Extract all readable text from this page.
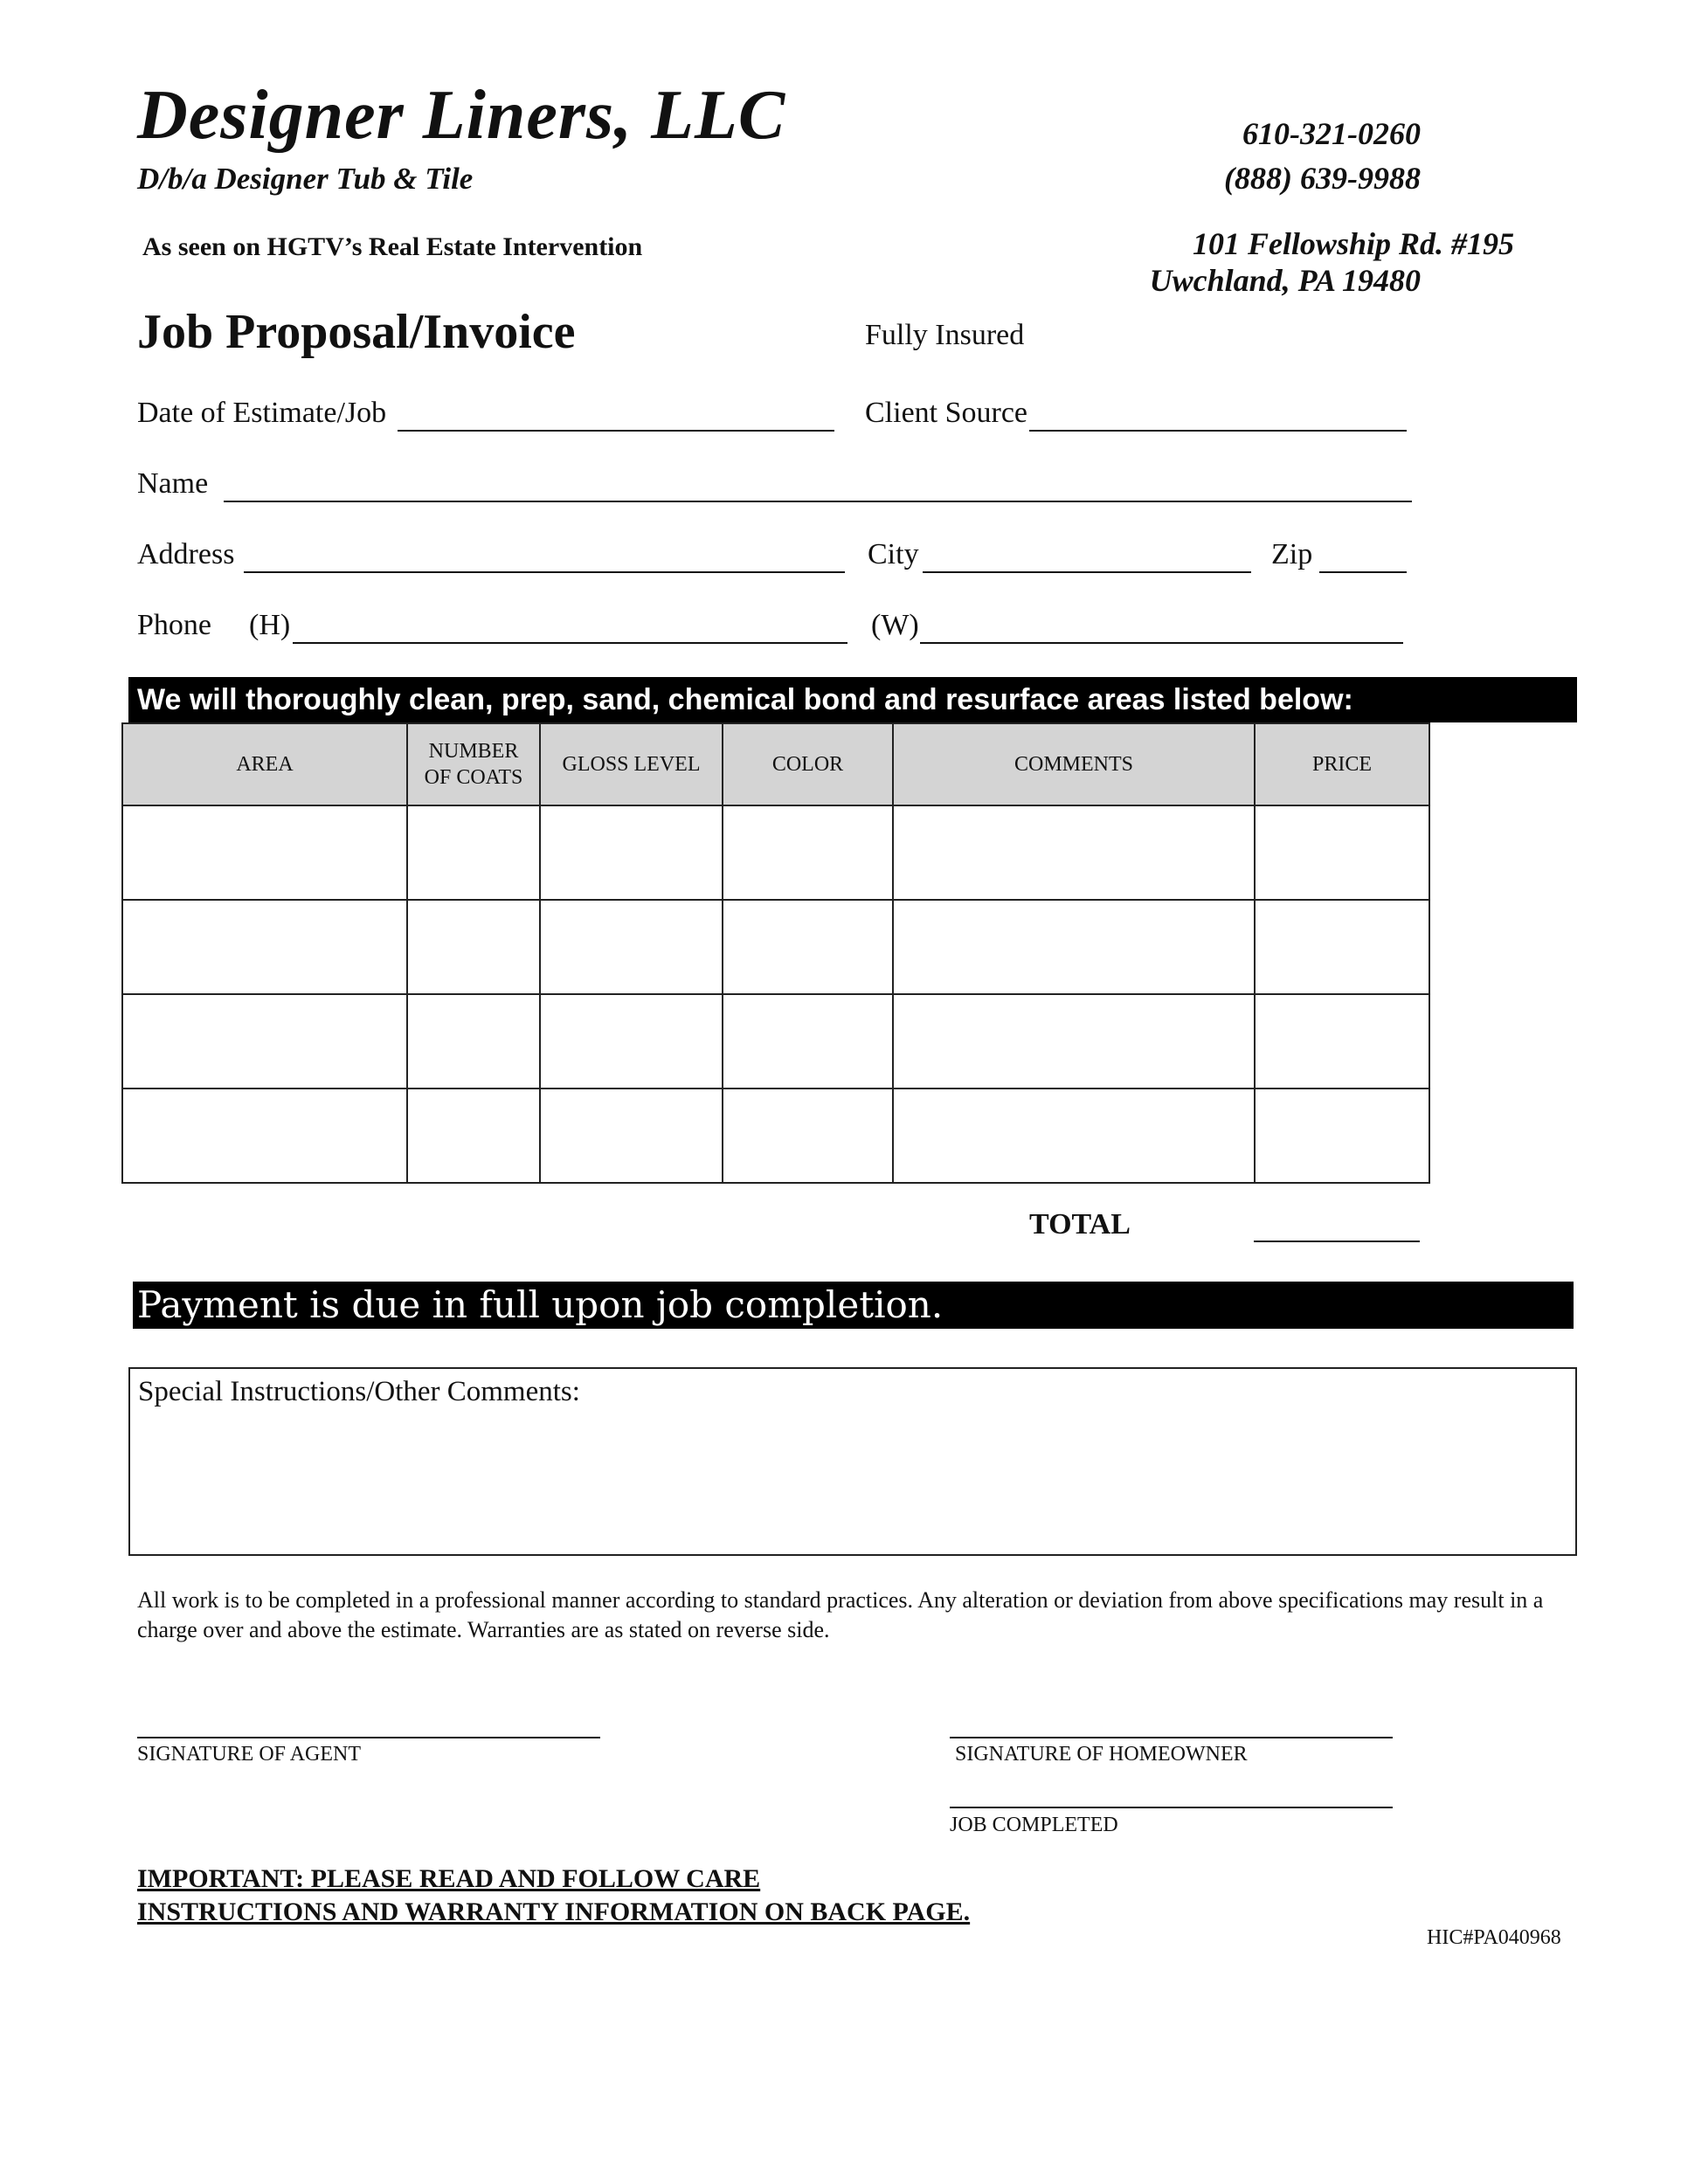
Designer Liners, LLC
D/b/a Designer Tub & Tile
As seen on HGTV’s Real Estate Intervention
610-321-0260
(888) 639-9988
101 Fellowship Rd. #195
Uwchland, PA 19480
Job Proposal/Invoice	Fully Insured
Date of Estimate/Job	Client Source
Name
Address	City	Zip
Phone (H)	(W)
We will thoroughly clean, prep, sand, chemical bond and resurface areas listed below:
AREA	NUMBER OF COATS	GLOSS LEVEL	COLOR	COMMENTS	PRICE

TOTAL
Payment is due in full upon job completion.
Special Instructions/Other Comments:
All work is to be completed in a professional manner according to standard practices. Any alteration or deviation from above specifications may result in a charge over and above the estimate. Warranties are as stated on reverse side.
SIGNATURE OF AGENT	SIGNATURE OF HOMEOWNER
JOB COMPLETED
IMPORTANT: PLEASE READ AND FOLLOW CARE
INSTRUCTIONS AND WARRANTY INFORMATION ON BACK PAGE.
HIC#PA040968
